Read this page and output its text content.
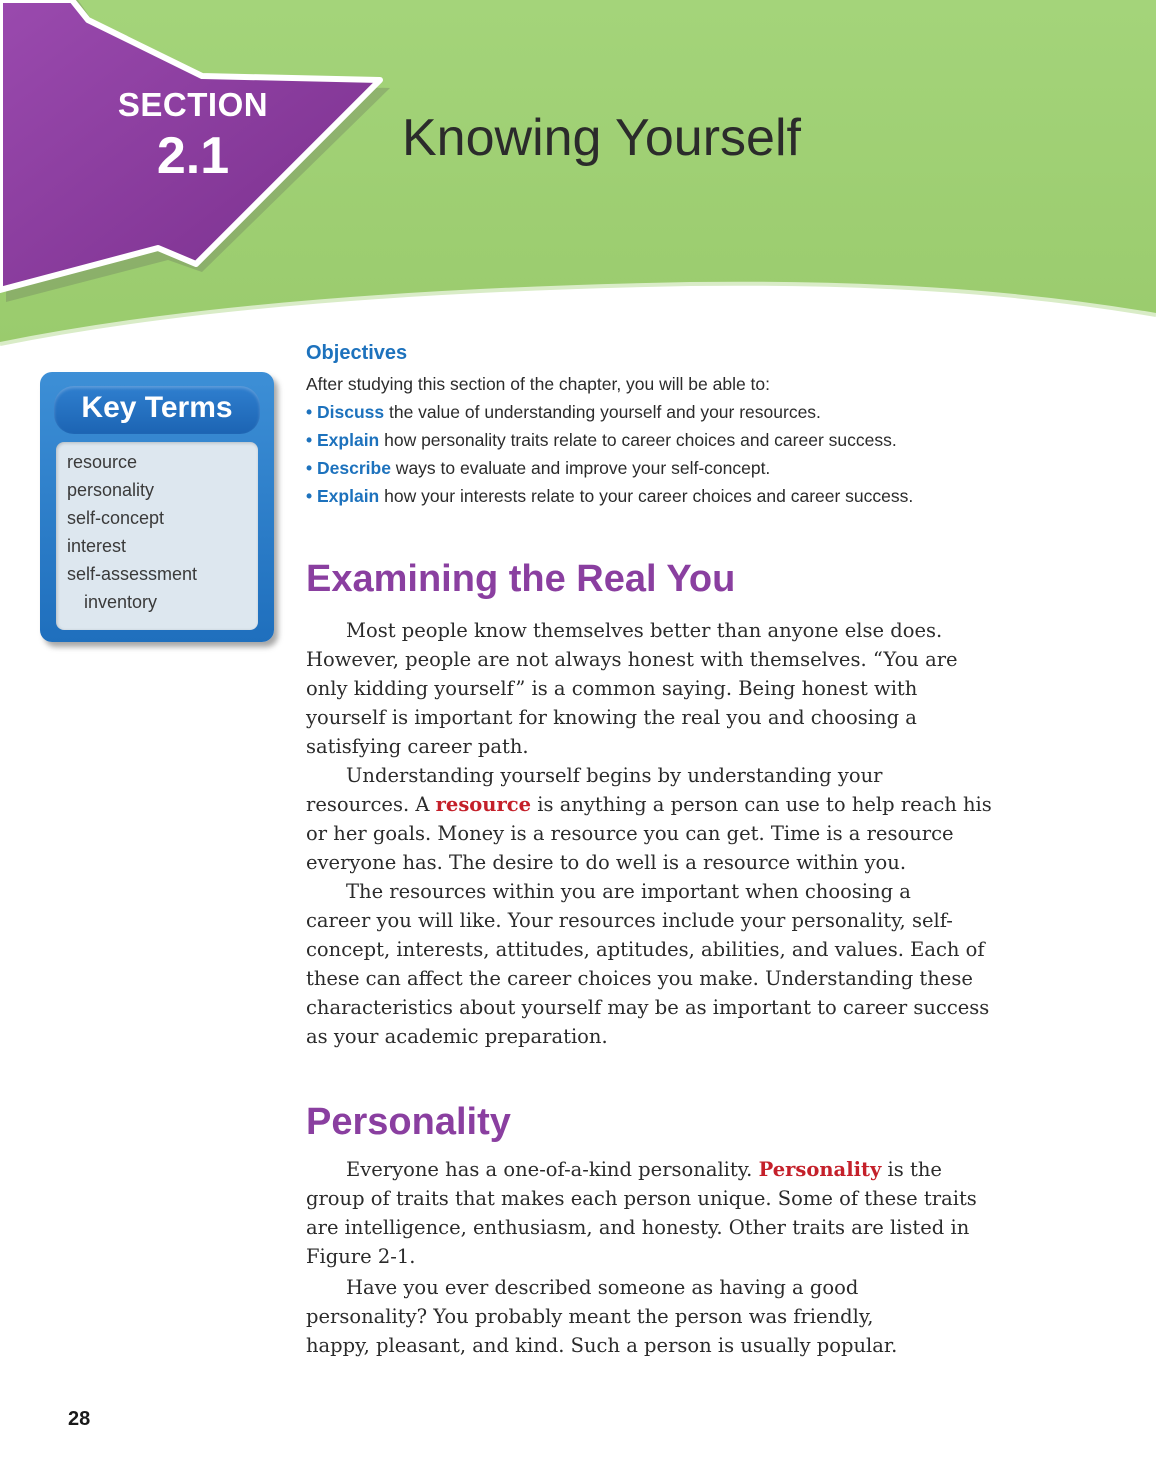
SECTION
2.1	Knowing Yourself
Key Terms
resource
personality
self-concept
interest
self-assessment
inventory
Objectives
After studying this section of the chapter, you will be able to:
• Discuss the value of understanding yourself and your resources.
• Explain how personality traits relate to career choices and career success.
• Describe ways to evaluate and improve your self-concept.
• Explain how your interests relate to your career choices and career success.
Examining the Real You
Most people know themselves better than anyone else does.
However, people are not always honest with themselves. “You are
only kidding yourself” is a common saying. Being honest with
yourself is important for knowing the real you and choosing a
satisfying career path.
Understanding yourself begins by understanding your
resources. A resource is anything a person can use to help reach his
or her goals. Money is a resource you can get. Time is a resource
everyone has. The desire to do well is a resource within you.
The resources within you are important when choosing a
career you will like. Your resources include your personality, self-
concept, interests, attitudes, aptitudes, abilities, and values. Each of
these can affect the career choices you make. Understanding these
characteristics about yourself may be as important to career success
as your academic preparation.
Personality
Everyone has a one-of-a-kind personality. Personality is the
group of traits that makes each person unique. Some of these traits
are intelligence, enthusiasm, and honesty. Other traits are listed in
Figure 2-1.
Have you ever described someone as having a good
personality? You probably meant the person was friendly,
happy, pleasant, and kind. Such a person is usually popular.
28
